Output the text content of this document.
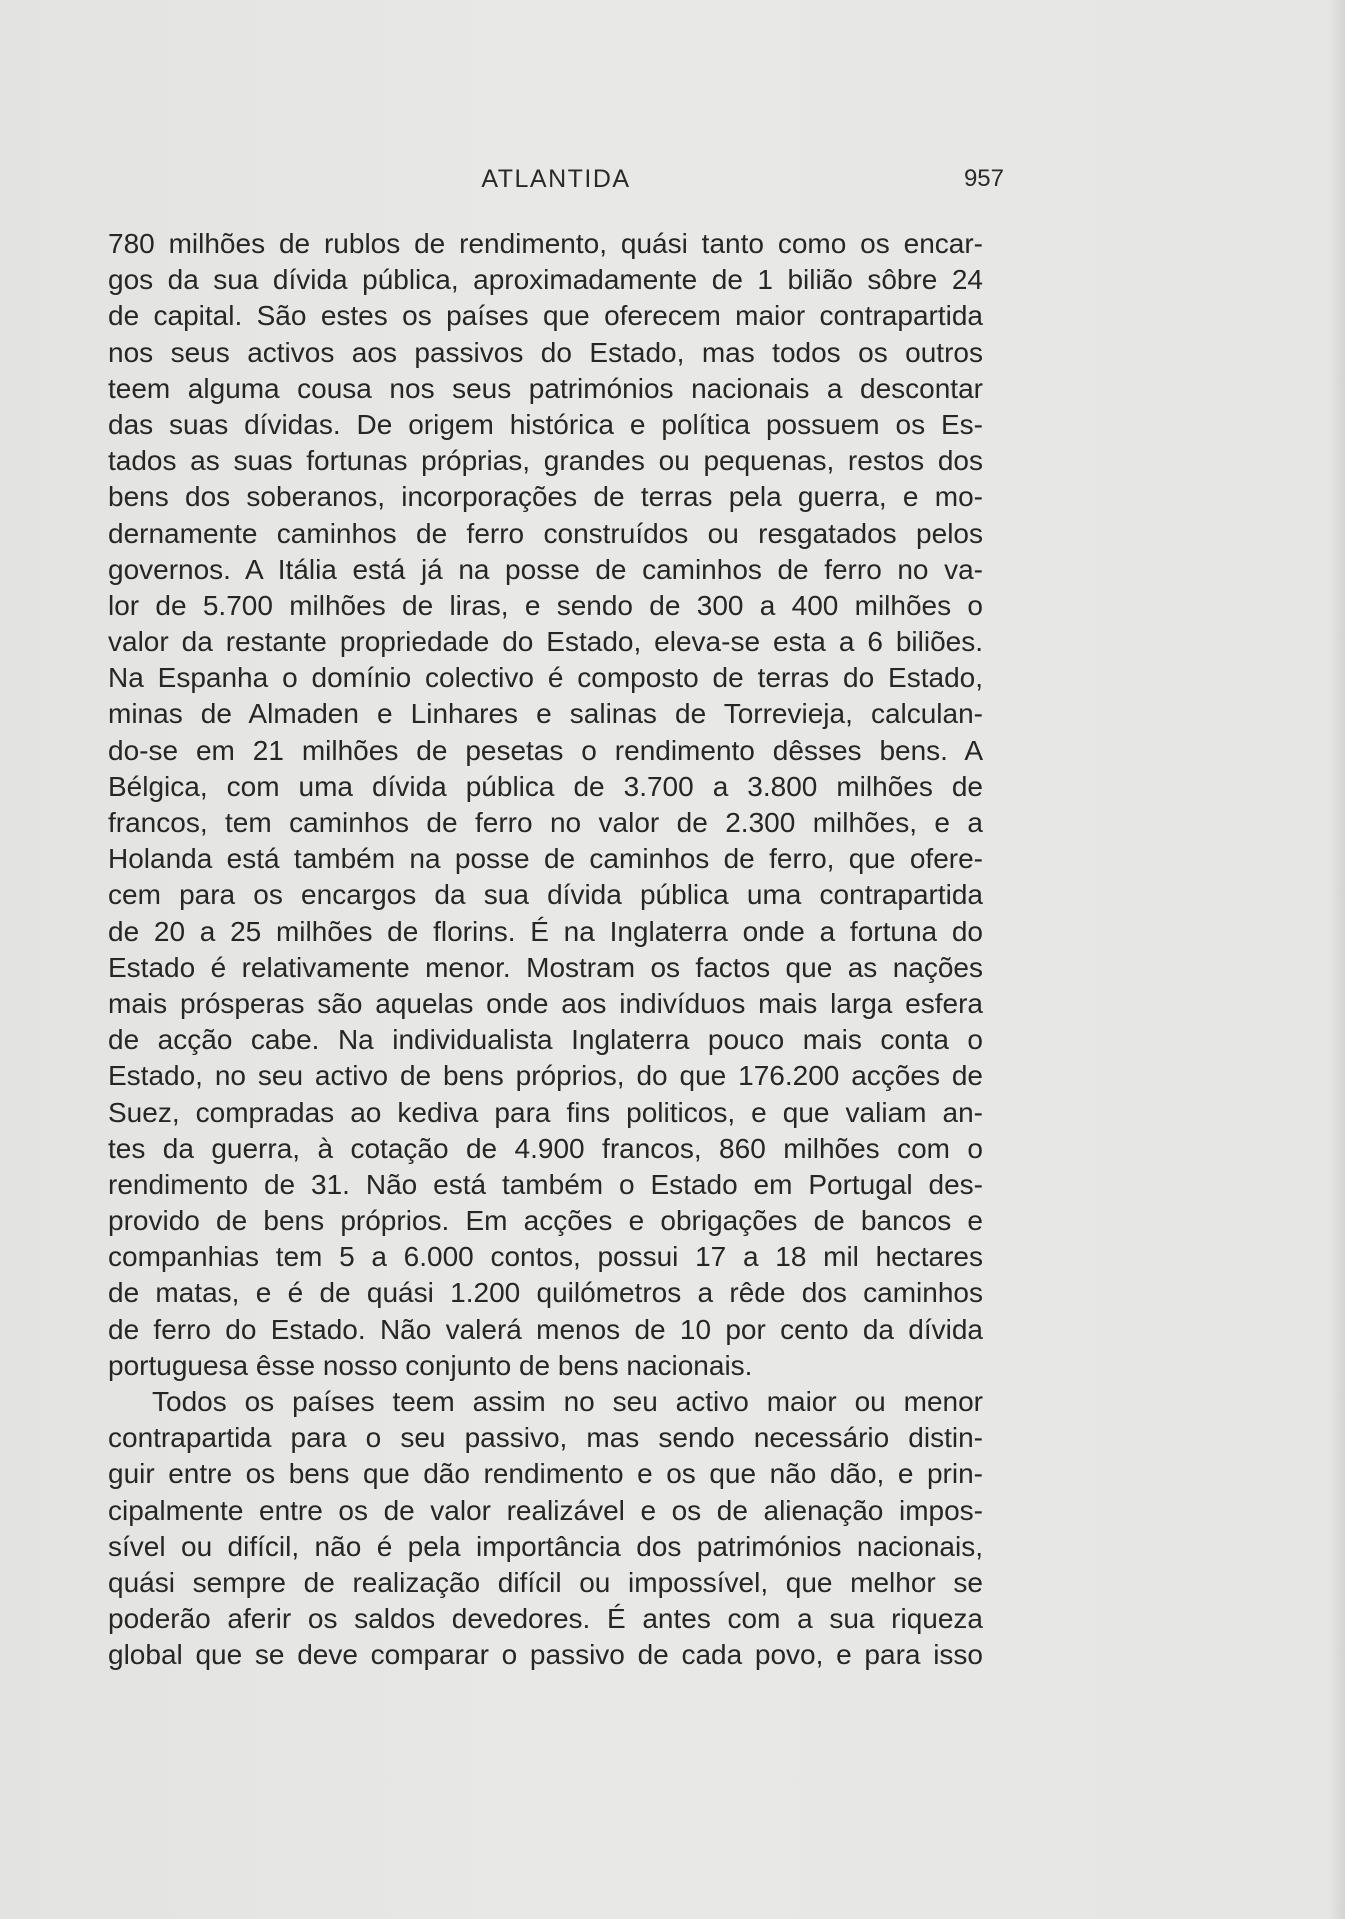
ATLANTIDA	957
780 milhões de rublos de rendimento, quási tanto como os encar-
gos da sua dívida pública, aproximadamente de 1 bilião sôbre 24
de capital. São estes os países que oferecem maior contrapartida
nos seus activos aos passivos do Estado, mas todos os outros
teem alguma cousa nos seus patrimónios nacionais a descontar
das suas dívidas. De origem histórica e política possuem os Es-
tados as suas fortunas próprias, grandes ou pequenas, restos dos
bens dos soberanos, incorporações de terras pela guerra, e mo-
dernamente caminhos de ferro construídos ou resgatados pelos
governos. A Itália está já na posse de caminhos de ferro no va-
lor de 5.700 milhões de liras, e sendo de 300 a 400 milhões o
valor da restante propriedade do Estado, eleva-se esta a 6 biliões.
Na Espanha o domínio colectivo é composto de terras do Estado,
minas de Almaden e Linhares e salinas de Torrevieja, calculan-
do-se em 21 milhões de pesetas o rendimento dêsses bens. A
Bélgica, com uma dívida pública de 3.700 a 3.800 milhões de
francos, tem caminhos de ferro no valor de 2.300 milhões, e a
Holanda está também na posse de caminhos de ferro, que ofere-
cem para os encargos da sua dívida pública uma contrapartida
de 20 a 25 milhões de florins. É na Inglaterra onde a fortuna do
Estado é relativamente menor. Mostram os factos que as nações
mais prósperas são aquelas onde aos indivíduos mais larga esfera
de acção cabe. Na individualista Inglaterra pouco mais conta o
Estado, no seu activo de bens próprios, do que 176.200 acções de
Suez, compradas ao kediva para fins politicos, e que valiam an-
tes da guerra, à cotação de 4.900 francos, 860 milhões com o
rendimento de 31. Não está também o Estado em Portugal des-
provido de bens próprios. Em acções e obrigações de bancos e
companhias tem 5 a 6.000 contos, possui 17 a 18 mil hectares
de matas, e é de quási 1.200 quilómetros a rêde dos caminhos
de ferro do Estado. Não valerá menos de 10 por cento da dívida
portuguesa êsse nosso conjunto de bens nacionais.
Todos os países teem assim no seu activo maior ou menor
contrapartida para o seu passivo, mas sendo necessário distin-
guir entre os bens que dão rendimento e os que não dão, e prin-
cipalmente entre os de valor realizável e os de alienação impos-
sível ou difícil, não é pela importância dos patrimónios nacionais,
quási sempre de realização difícil ou impossível, que melhor se
poderão aferir os saldos devedores. É antes com a sua riqueza
global que se deve comparar o passivo de cada povo, e para isso
